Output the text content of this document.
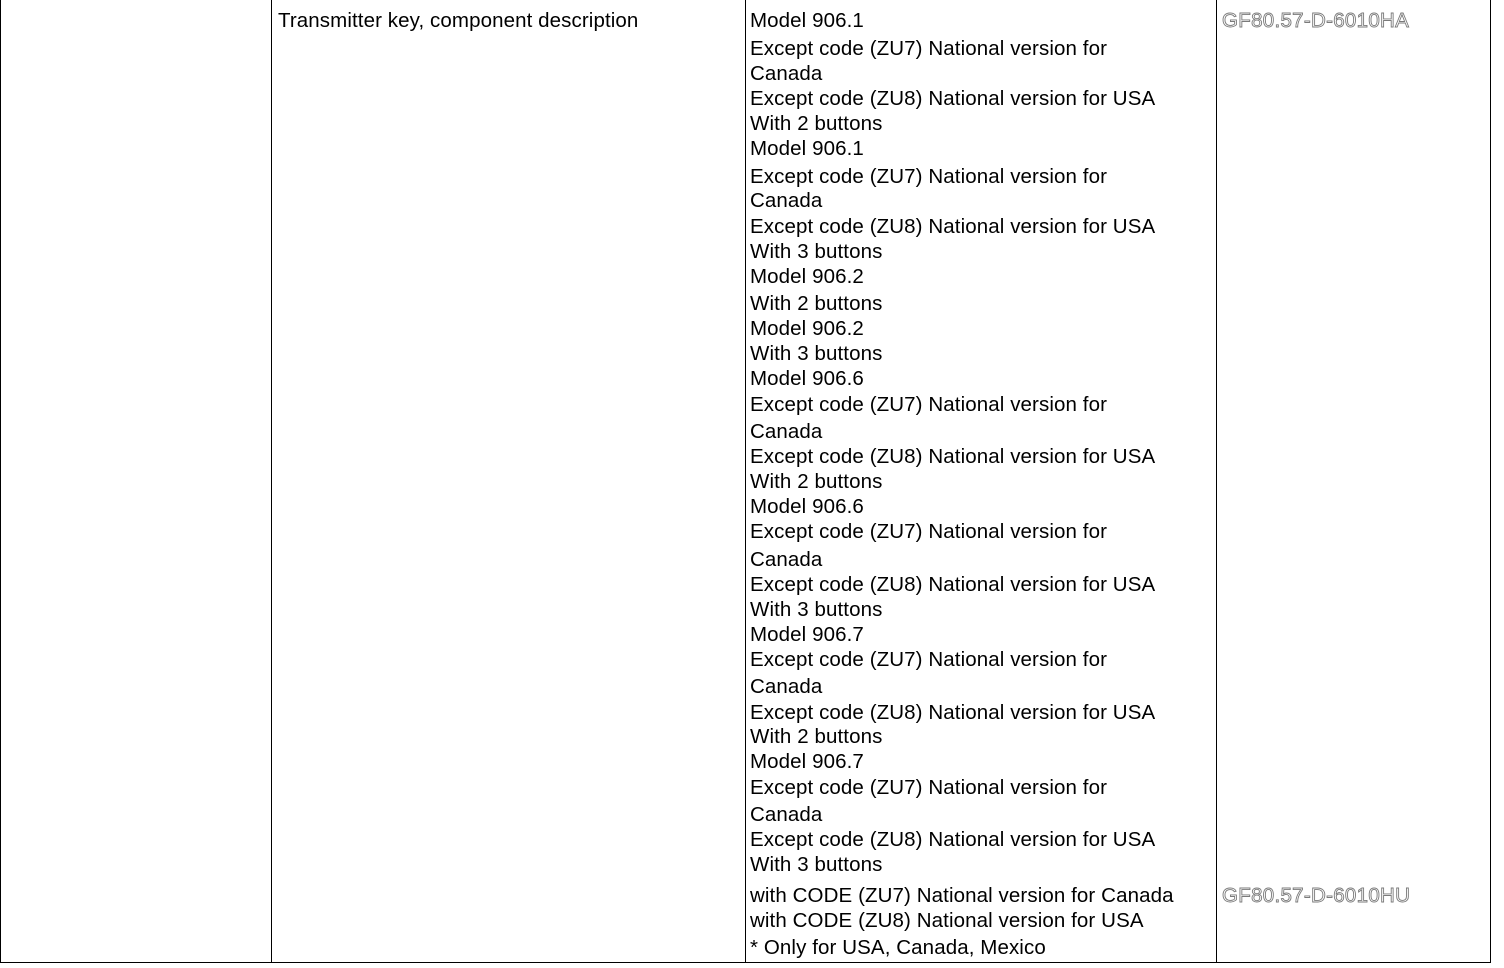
Transmitter key, component description	Model 906.1
Except code (ZU7) National version for
Canada
Except code (ZU8) National version for USA
With 2 buttons
Model 906.1
Except code (ZU7) National version for
Canada
Except code (ZU8) National version for USA
With 3 buttons
Model 906.2
With 2 buttons
Model 906.2
With 3 buttons
Model 906.6
Except code (ZU7) National version for
Canada
Except code (ZU8) National version for USA
With 2 buttons
Model 906.6
Except code (ZU7) National version for
Canada
Except code (ZU8) National version for USA
With 3 buttons
Model 906.7
Except code (ZU7) National version for
Canada
Except code (ZU8) National version for USA
With 2 buttons
Model 906.7
Except code (ZU7) National version for
Canada
Except code (ZU8) National version for USA
With 3 buttons
with CODE (ZU7) National version for Canada
with CODE (ZU8) National version for USA
* Only for USA, Canada, Mexico
GF80.57-D-6010HA
GF80.57-D-6010HU
